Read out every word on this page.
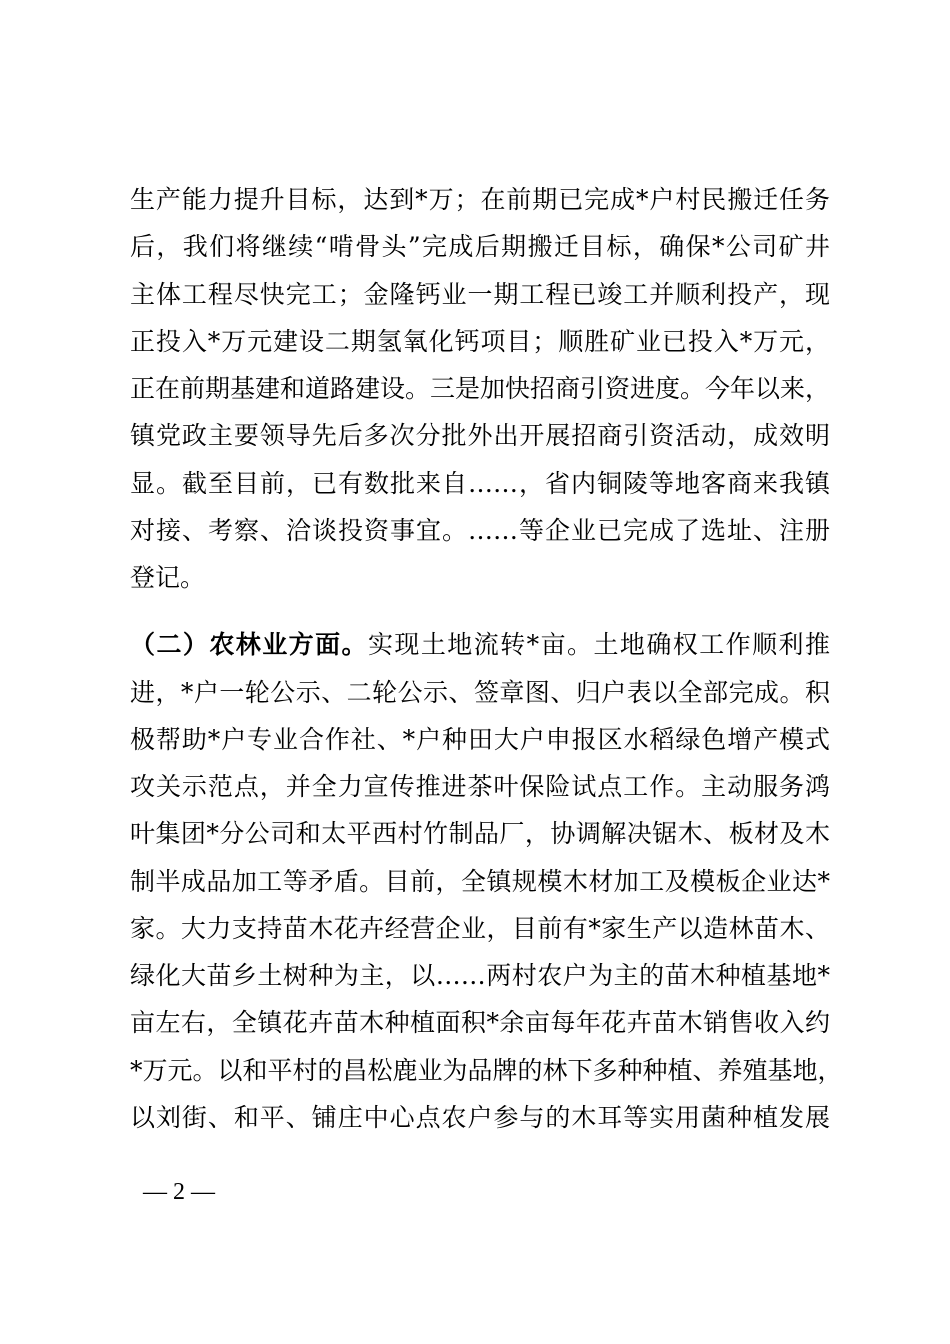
生产能力提升目标，达到*万；在前期已完成*户村民搬迁任务
后，我们将继续“啃骨头”完成后期搬迁目标，确保*公司矿井
主体工程尽快完工；金隆钙业一期工程已竣工并顺利投产，现
正投入*万元建设二期氢氧化钙项目；顺胜矿业已投入*万元，
正在前期基建和道路建设。三是加快招商引资进度。今年以来，
镇党政主要领导先后多次分批外出开展招商引资活动，成效明
显。截至目前，已有数批来自……，省内铜陵等地客商来我镇
对接、考察、洽谈投资事宜。……等企业已完成了选址、注册
登记。
（二）农林业方面。实现土地流转*亩。土地确权工作顺利推
进，*户一轮公示、二轮公示、签章图、归户表以全部完成。积
极帮助*户专业合作社、*户种田大户申报区水稻绿色增产模式
攻关示范点，并全力宣传推进茶叶保险试点工作。主动服务鸿
叶集团*分公司和太平西村竹制品厂，协调解决锯木、板材及木
制半成品加工等矛盾。目前，全镇规模木材加工及模板企业达*
家。大力支持苗木花卉经营企业，目前有*家生产以造林苗木、
绿化大苗乡土树种为主，以……两村农户为主的苗木种植基地*
亩左右，全镇花卉苗木种植面积*余亩每年花卉苗木销售收入约
*万元。以和平村的昌松鹿业为品牌的林下多种种植、养殖基地，
以刘街、和平、铺庄中心点农户参与的木耳等实用菌种植发展
— 2 —
